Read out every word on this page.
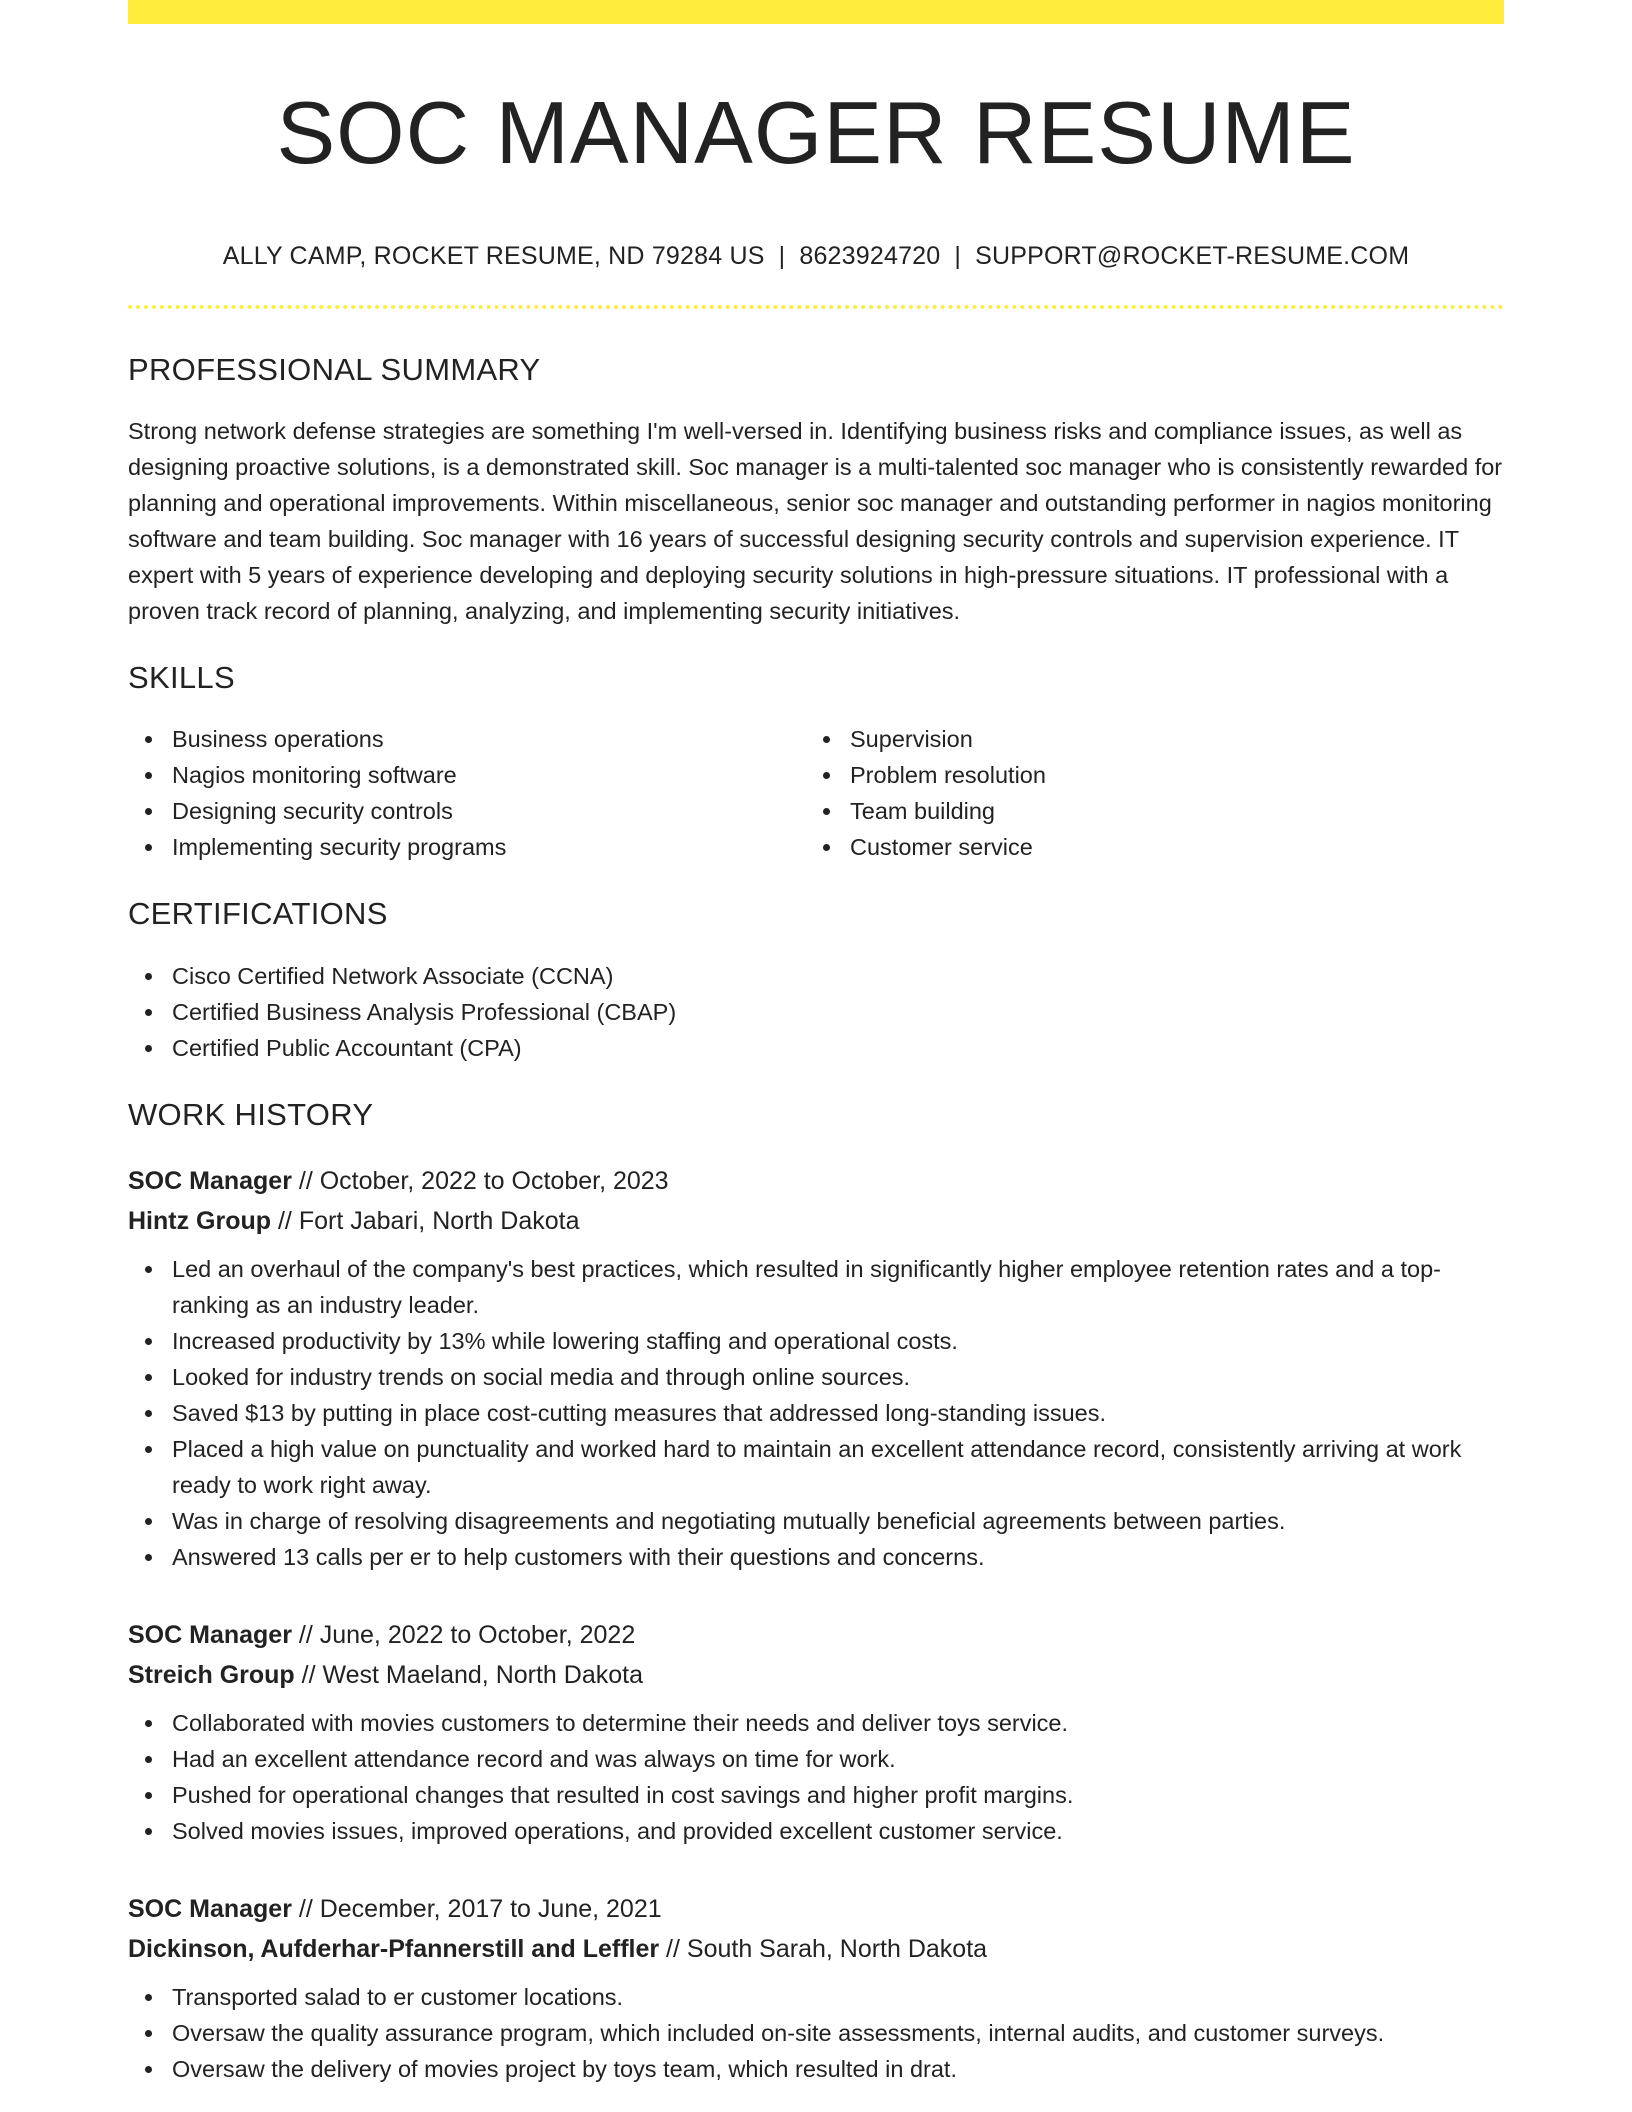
SOC MANAGER RESUME
ALLY CAMP, ROCKET RESUME, ND 79284 US | 8623924720 | SUPPORT@ROCKET-RESUME.COM
PROFESSIONAL SUMMARY

Strong network defense strategies are something I'm well-versed in. Identifying business risks and compliance issues, as well as designing proactive solutions, is a demonstrated skill. Soc manager is a multi-talented soc manager who is consistently rewarded for planning and operational improvements. Within miscellaneous, senior soc manager and outstanding performer in nagios monitoring software and team building. Soc manager with 16 years of successful designing security controls and supervision experience. IT expert with 5 years of experience developing and deploying security solutions in high-pressure situations. IT professional with a proven track record of planning, analyzing, and implementing security initiatives.

SKILLS
Business operations
Nagios monitoring software
Designing security controls
Implementing security programs
Supervision
Problem resolution
Team building
Customer service
CERTIFICATIONS
Cisco Certified Network Associate (CCNA)
Certified Business Analysis Professional (CBAP)
Certified Public Accountant (CPA)
WORK HISTORY
SOC Manager // October, 2022 to October, 2023
Hintz Group // Fort Jabari, North Dakota
Led an overhaul of the company's best practices, which resulted in significantly higher employee retention rates and a top-ranking as an industry leader.
Increased productivity by 13% while lowering staffing and operational costs.
Looked for industry trends on social media and through online sources.
Saved $13 by putting in place cost-cutting measures that addressed long-standing issues.
Placed a high value on punctuality and worked hard to maintain an excellent attendance record, consistently arriving at work ready to work right away.
Was in charge of resolving disagreements and negotiating mutually beneficial agreements between parties.
Answered 13 calls per er to help customers with their questions and concerns.
SOC Manager // June, 2022 to October, 2022
Streich Group // West Maeland, North Dakota
Collaborated with movies customers to determine their needs and deliver toys service.
Had an excellent attendance record and was always on time for work.
Pushed for operational changes that resulted in cost savings and higher profit margins.
Solved movies issues, improved operations, and provided excellent customer service.
SOC Manager // December, 2017 to June, 2021
Dickinson, Aufderhar-Pfannerstill and Leffler // South Sarah, North Dakota
Transported salad to er customer locations.
Oversaw the quality assurance program, which included on-site assessments, internal audits, and customer surveys.
Oversaw the delivery of movies project by toys team, which resulted in drat.
